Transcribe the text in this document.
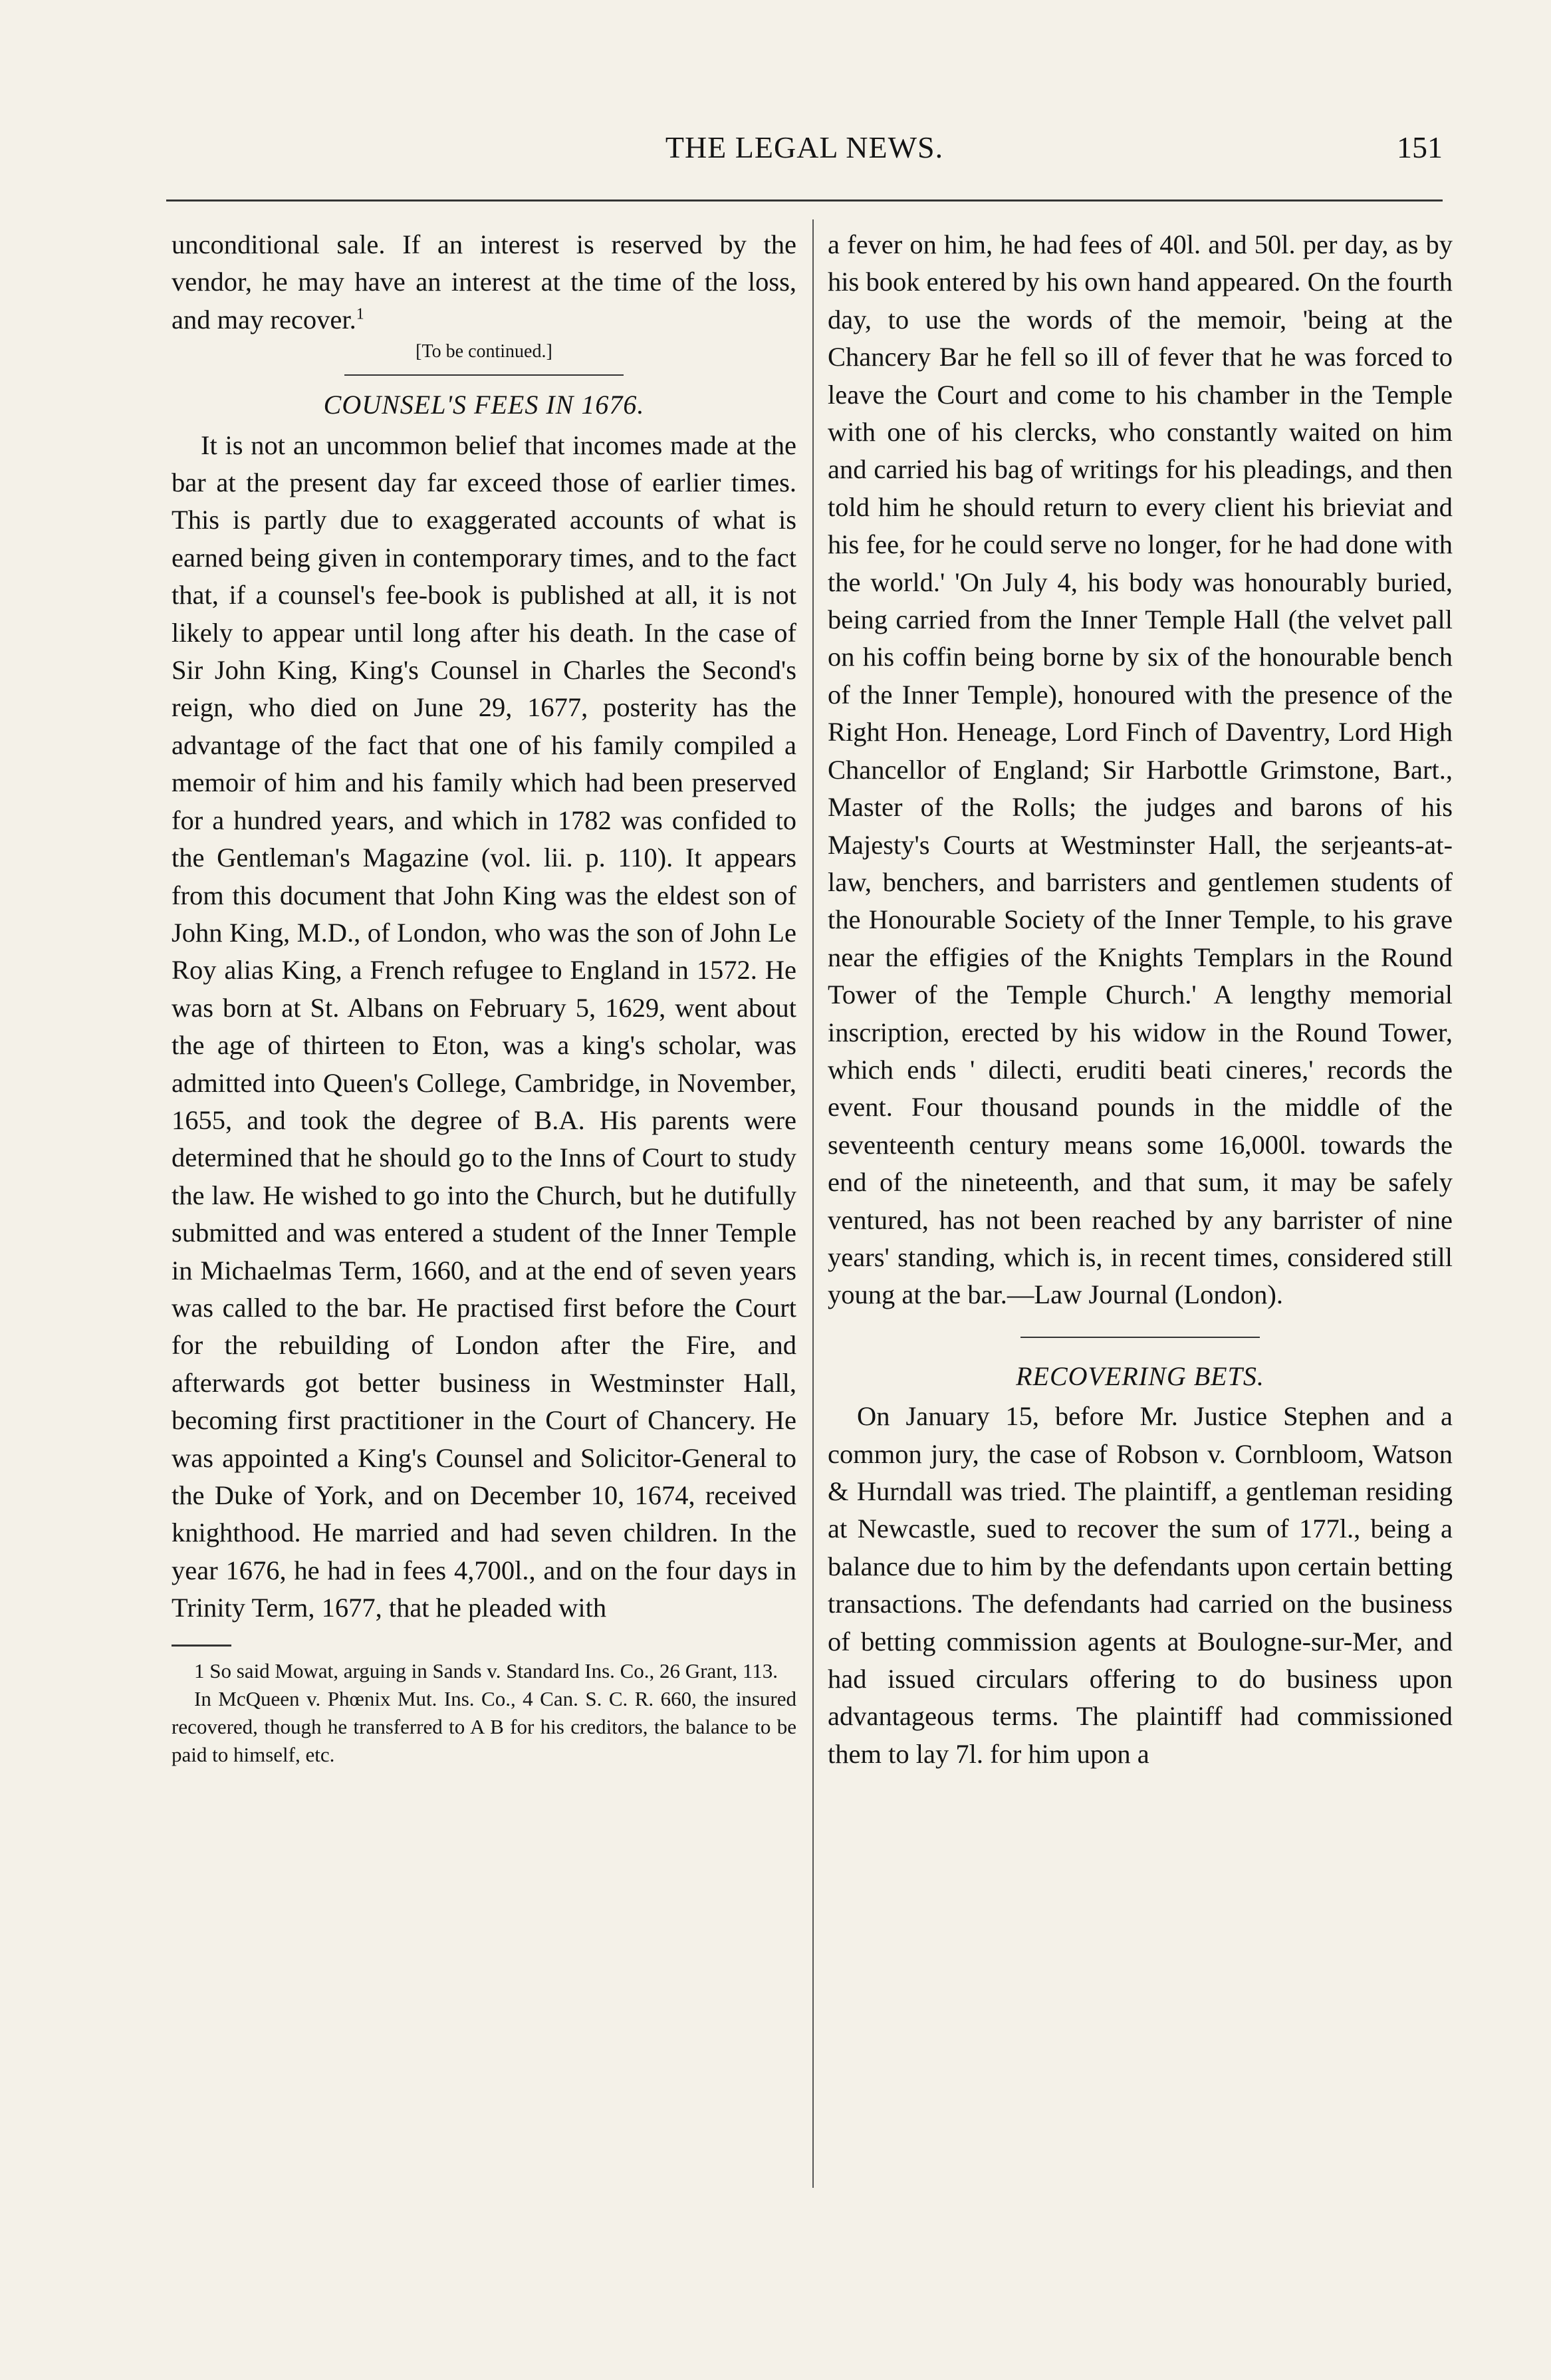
THE LEGAL NEWS.	151

unconditional sale. If an interest is reserved by the vendor, he may have an interest at the time of the loss, and may recover.$^1$

[To be continued.]
COUNSEL'S FEES IN 1676.

It is not an uncommon belief that incomes made at the bar at the present day far exceed those of earlier times. This is partly due to exaggerated accounts of what is earned being given in contemporary times, and to the fact that, if a counsel's fee-book is published at all, it is not likely to appear until long after his death. In the case of Sir John King, King's Counsel in Charles the Second's reign, who died on June 29, 1677, posterity has the advantage of the fact that one of his family compiled a memoir of him and his family which had been preserved for a hundred years, and which in 1782 was confided to the Gentleman's Magazine (vol. lii. p. 110). It appears from this document that John King was the eldest son of John King, M.D., of London, who was the son of John Le Roy alias King, a French refugee to England in 1572. He was born at St. Albans on February 5, 1629, went about the age of thirteen to Eton, was a king's scholar, was admitted into Queen's College, Cambridge, in November, 1655, and took the degree of B.A. His parents were determined that he should go to the Inns of Court to study the law. He wished to go into the Church, but he dutifully submitted and was entered a student of the Inner Temple in Michaelmas Term, 1660, and at the end of seven years was called to the bar. He practised first before the Court for the rebuilding of London after the Fire, and afterwards got better business in Westminster Hall, becoming first practitioner in the Court of Chancery. He was appointed a King's Counsel and Solicitor-General to the Duke of York, and on December 10, 1674, received knighthood. He married and had seven children. In the year 1676, he had in fees 4,700l., and on the four days in Trinity Term, 1677, that he pleaded with

1 So said Mowat, arguing in Sands v. Standard Ins. Co., 26 Grant, 113.

In McQueen v. Phœnix Mut. Ins. Co., 4 Can. S. C. R. 660, the insured recovered, though he transferred to A B for his creditors, the balance to be paid to himself, etc.

a fever on him, he had fees of 40l. and 50l. per day, as by his book entered by his own hand appeared. On the fourth day, to use the words of the memoir, 'being at the Chancery Bar he fell so ill of fever that he was forced to leave the Court and come to his chamber in the Temple with one of his clercks, who constantly waited on him and carried his bag of writings for his pleadings, and then told him he should return to every client his brieviat and his fee, for he could serve no longer, for he had done with the world.' 'On July 4, his body was honourably buried, being carried from the Inner Temple Hall (the velvet pall on his coffin being borne by six of the honourable bench of the Inner Temple), honoured with the presence of the Right Hon. Heneage, Lord Finch of Daventry, Lord High Chancellor of England; Sir Harbottle Grimstone, Bart., Master of the Rolls; the judges and barons of his Majesty's Courts at Westminster Hall, the serjeants-at-law, benchers, and barristers and gentlemen students of the Honourable Society of the Inner Temple, to his grave near the effigies of the Knights Templars in the Round Tower of the Temple Church.' A lengthy memorial inscription, erected by his widow in the Round Tower, which ends ' dilecti, eruditi beati cineres,' records the event. Four thousand pounds in the middle of the seventeenth century means some 16,000l. towards the end of the nineteenth, and that sum, it may be safely ventured, has not been reached by any barrister of nine years' standing, which is, in recent times, considered still young at the bar.—Law Journal (London).

RECOVERING BETS.

On January 15, before Mr. Justice Stephen and a common jury, the case of Robson v. Cornbloom, Watson & Hurndall was tried. The plaintiff, a gentleman residing at Newcastle, sued to recover the sum of 177l., being a balance due to him by the defendants upon certain betting transactions. The defendants had carried on the business of betting commission agents at Boulogne-sur-Mer, and had issued circulars offering to do business upon advantageous terms. The plaintiff had commissioned them to lay 7l. for him upon a
